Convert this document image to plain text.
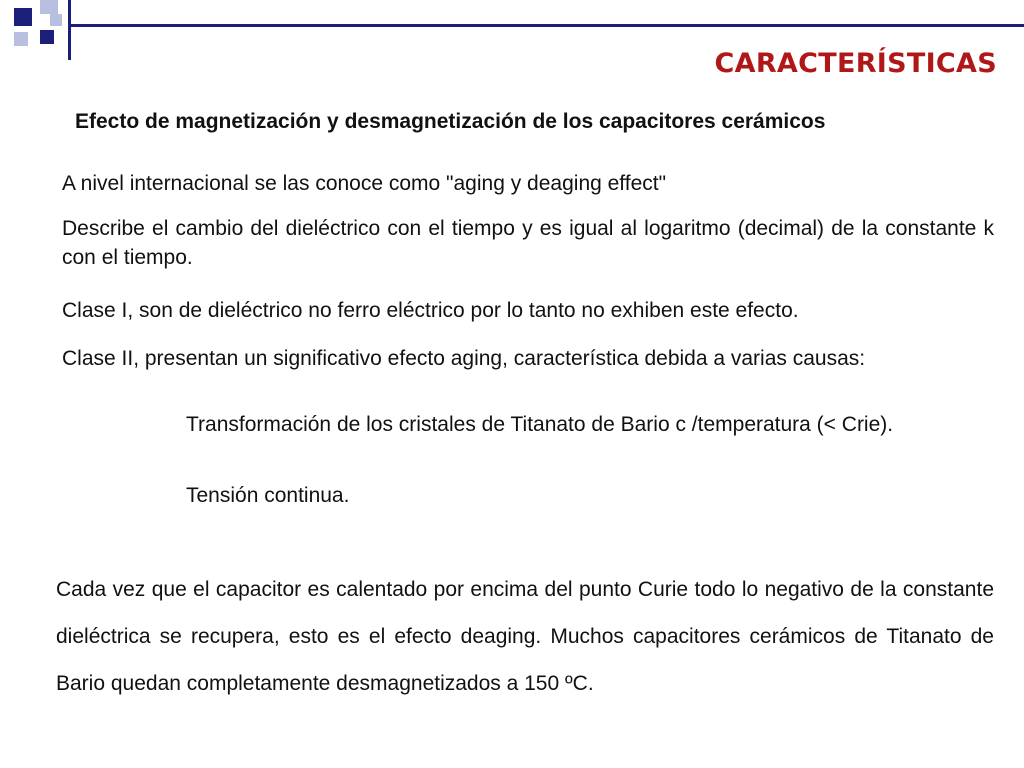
CARACTERÍSTICAS
Efecto de magnetización y desmagnetización de los capacitores cerámicos
A nivel internacional se las conoce como "aging y deaging effect"
Describe el cambio del dieléctrico con el tiempo y es igual al logaritmo (decimal) de la constante k con el tiempo.
Clase I, son de dieléctrico no ferro eléctrico por lo tanto no exhiben este efecto.
Clase II, presentan un significativo efecto aging, característica debida a varias causas:
Transformación de los cristales de Titanato de Bario c /temperatura (< Crie).
Tensión continua.
Cada vez que el capacitor es calentado por encima del punto Curie todo lo negativo de la constante dieléctrica se recupera, esto es el efecto deaging. Muchos capacitores cerámicos de Titanato de Bario quedan completamente desmagnetizados a 150 ºC.
